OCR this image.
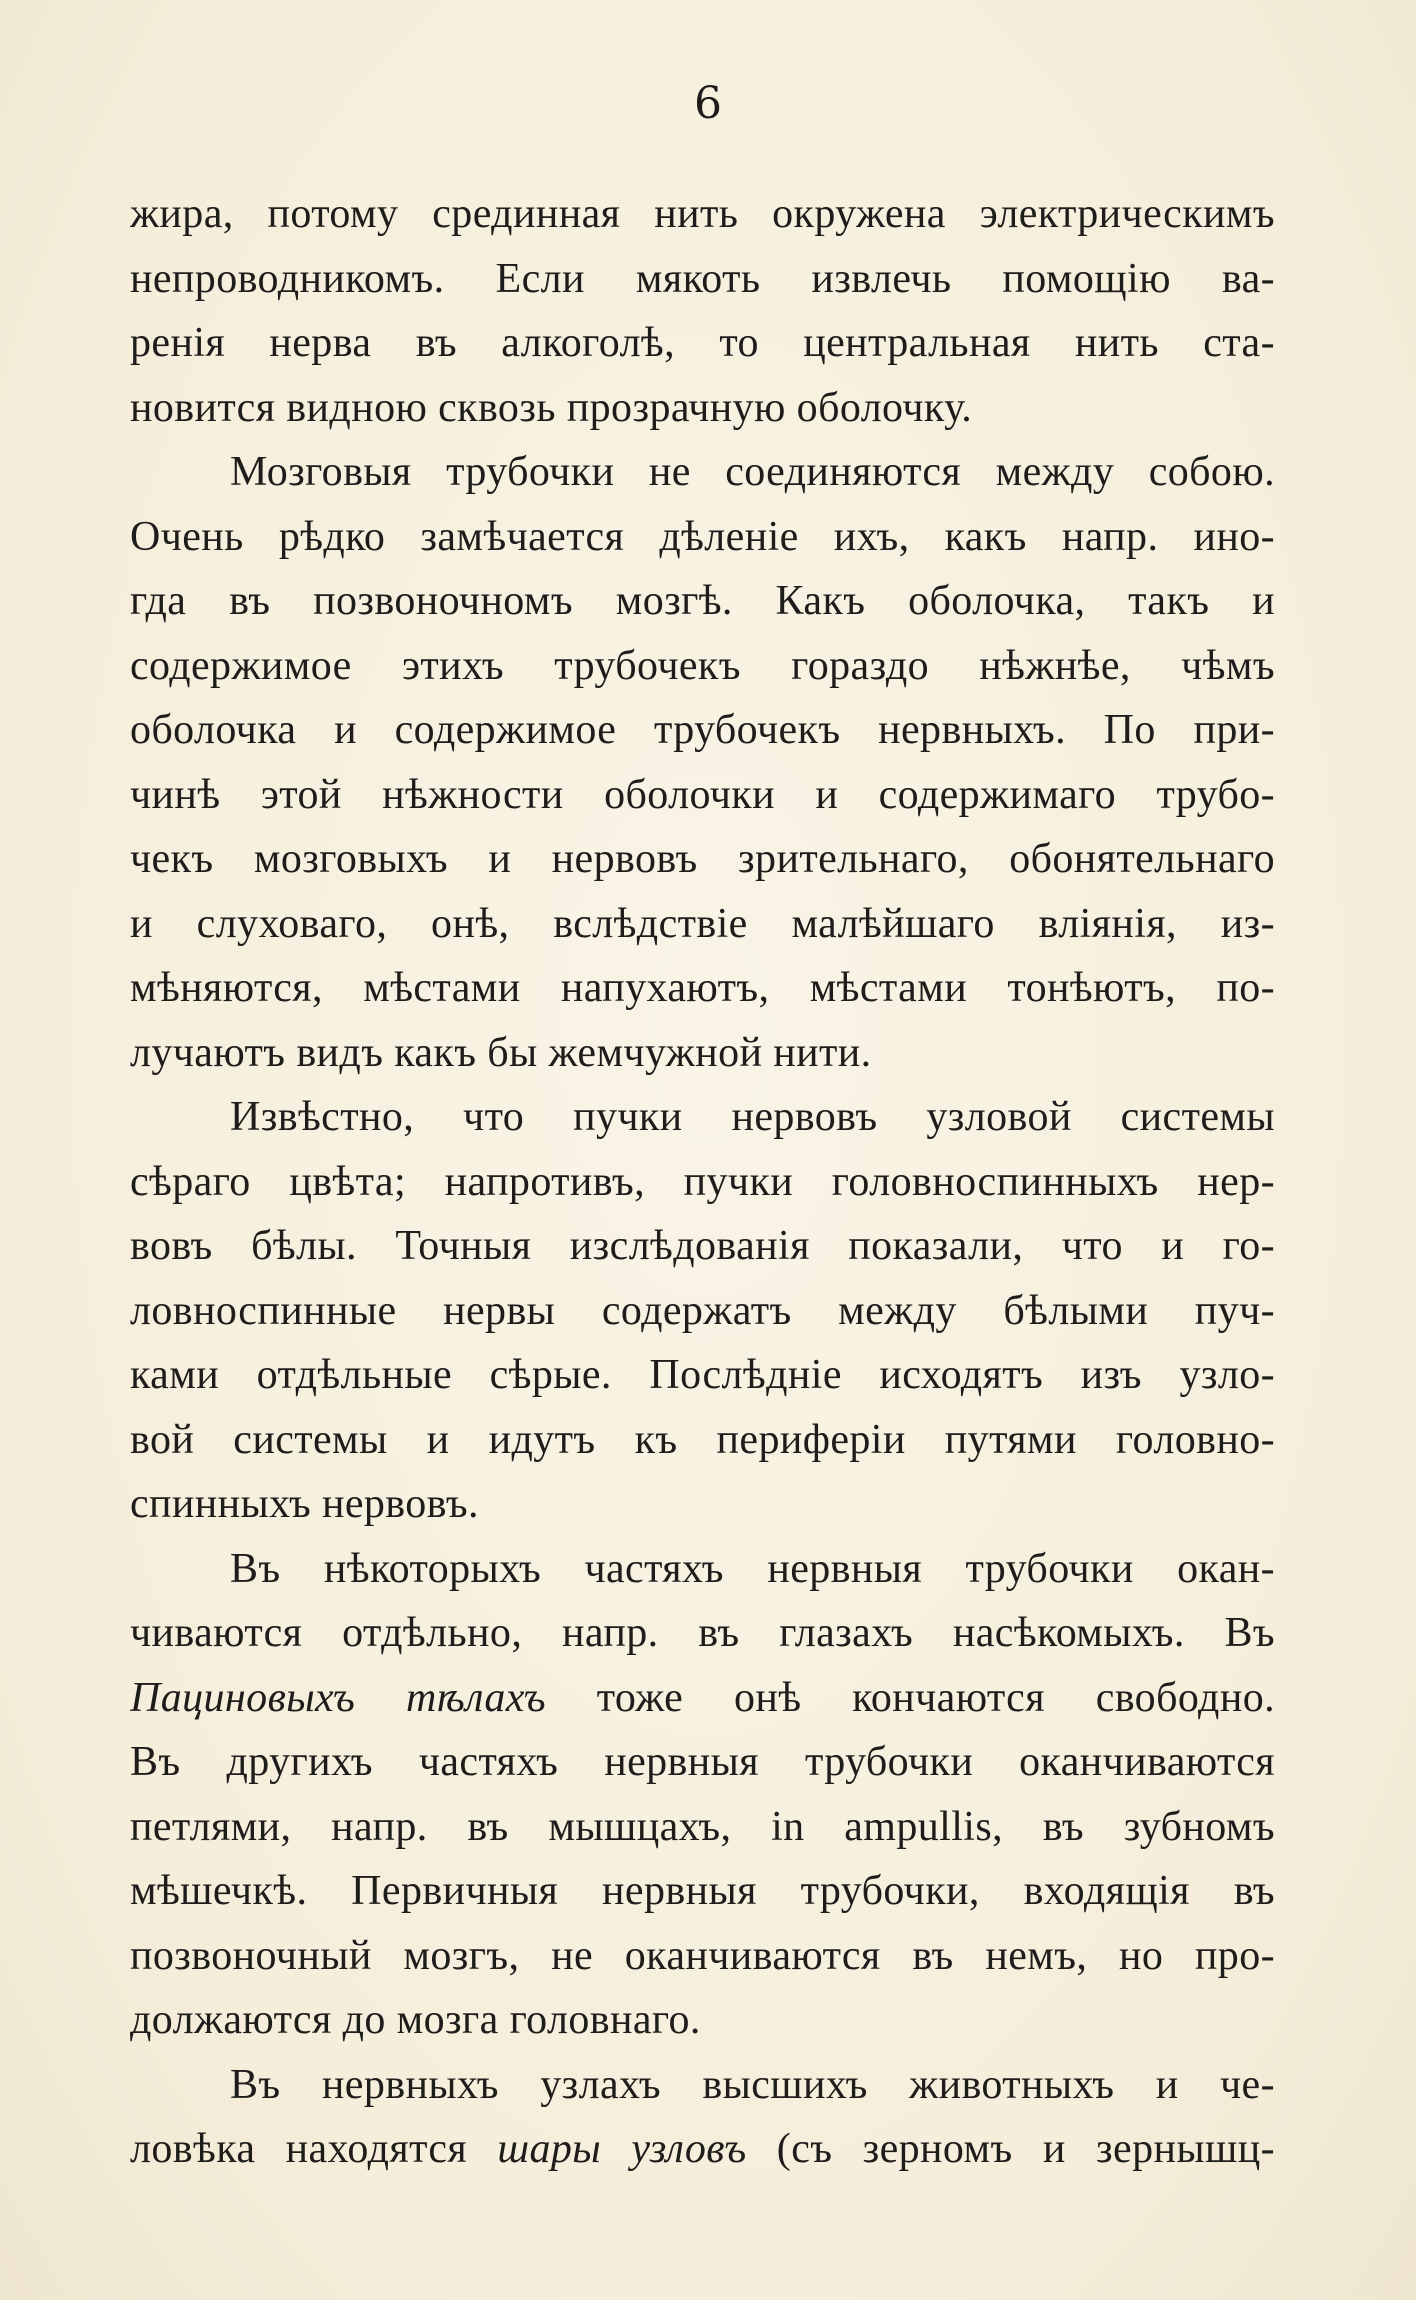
6
жира, потому срединная нить окружена электрическимъ
непроводникомъ. Если мякоть извлечь помощію ва-
ренія нерва въ алкоголѣ, то центральная нить ста-
новится видною сквозь прозрачную оболочку.
Мозговыя трубочки не соединяются между собою.
Очень рѣдко замѣчается дѣленіе ихъ, какъ напр. ино-
гда въ позвоночномъ мозгѣ. Какъ оболочка, такъ и
содержимое этихъ трубочекъ гораздо нѣжнѣе, чѣмъ
оболочка и содержимое трубочекъ нервныхъ. По при-
чинѣ этой нѣжности оболочки и содержимаго трубо-
чекъ мозговыхъ и нервовъ зрительнаго, обонятельнаго
и слуховаго, онѣ, вслѣдствіе малѣйшаго вліянія, из-
мѣняются, мѣстами напухаютъ, мѣстами тонѣютъ, по-
лучаютъ видъ какъ бы жемчужной нити.
Извѣстно, что пучки нервовъ узловой системы
сѣраго цвѣта; напротивъ, пучки головноспинныхъ нер-
вовъ бѣлы. Точныя изслѣдованія показали, что и го-
ловноспинные нервы содержатъ между бѣлыми пуч-
ками отдѣльные сѣрые. Послѣдніе исходятъ изъ узло-
вой системы и идутъ къ периферіи путями головно-
спинныхъ нервовъ.
Въ нѣкоторыхъ частяхъ нервныя трубочки окан-
чиваются отдѣльно, напр. въ глазахъ насѣкомыхъ. Въ
Пациновыхъ тѣлахъ тоже онѣ кончаются свободно.
Въ другихъ частяхъ нервныя трубочки оканчиваются
петлями, напр. въ мышцахъ, in ampullis, въ зубномъ
мѣшечкѣ. Первичныя нервныя трубочки, входящія въ
позвоночный мозгъ, не оканчиваются въ немъ, но про-
должаются до мозга головнаго.
Въ нервныхъ узлахъ высшихъ животныхъ и че-
ловѣка находятся шары узловъ (съ зерномъ и зернышц-
